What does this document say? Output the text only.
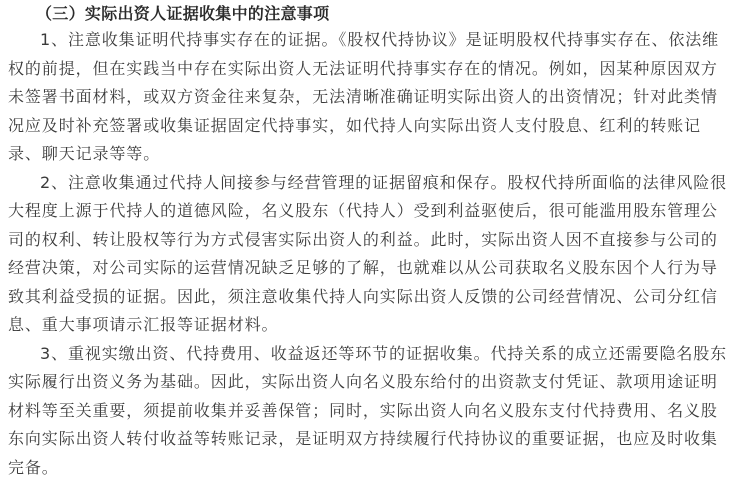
（三）实际出资人证据收集中的注意事项

1、注意收集证明代持事实存在的证据。《股权代持协议》是证明股权代持事实存在、依法维
权的前提，但在实践当中存在实际出资人无法证明代持事实存在的情况。例如，因某种原因双方
未签署书面材料，或双方资金往来复杂，无法清晰准确证明实际出资人的出资情况；针对此类情
况应及时补充签署或收集证据固定代持事实，如代持人向实际出资人支付股息、红利的转账记
录、聊天记录等等。

2、注意收集通过代持人间接参与经营管理的证据留痕和保存。股权代持所面临的法律风险很
大程度上源于代持人的道德风险，名义股东（代持人）受到利益驱使后，很可能滥用股东管理公
司的权利、转让股权等行为方式侵害实际出资人的利益。此时，实际出资人因不直接参与公司的
经营决策，对公司实际的运营情况缺乏足够的了解，也就难以从公司获取名义股东因个人行为导
致其利益受损的证据。因此，须注意收集代持人向实际出资人反馈的公司经营情况、公司分红信
息、重大事项请示汇报等证据材料。

3、重视实缴出资、代持费用、收益返还等环节的证据收集。代持关系的成立还需要隐名股东
实际履行出资义务为基础。因此，实际出资人向名义股东给付的出资款支付凭证、款项用途证明
材料等至关重要，须提前收集并妥善保管；同时，实际出资人向名义股东支付代持费用、名义股
东向实际出资人转付收益等转账记录，是证明双方持续履行代持协议的重要证据，也应及时收集
完备。
